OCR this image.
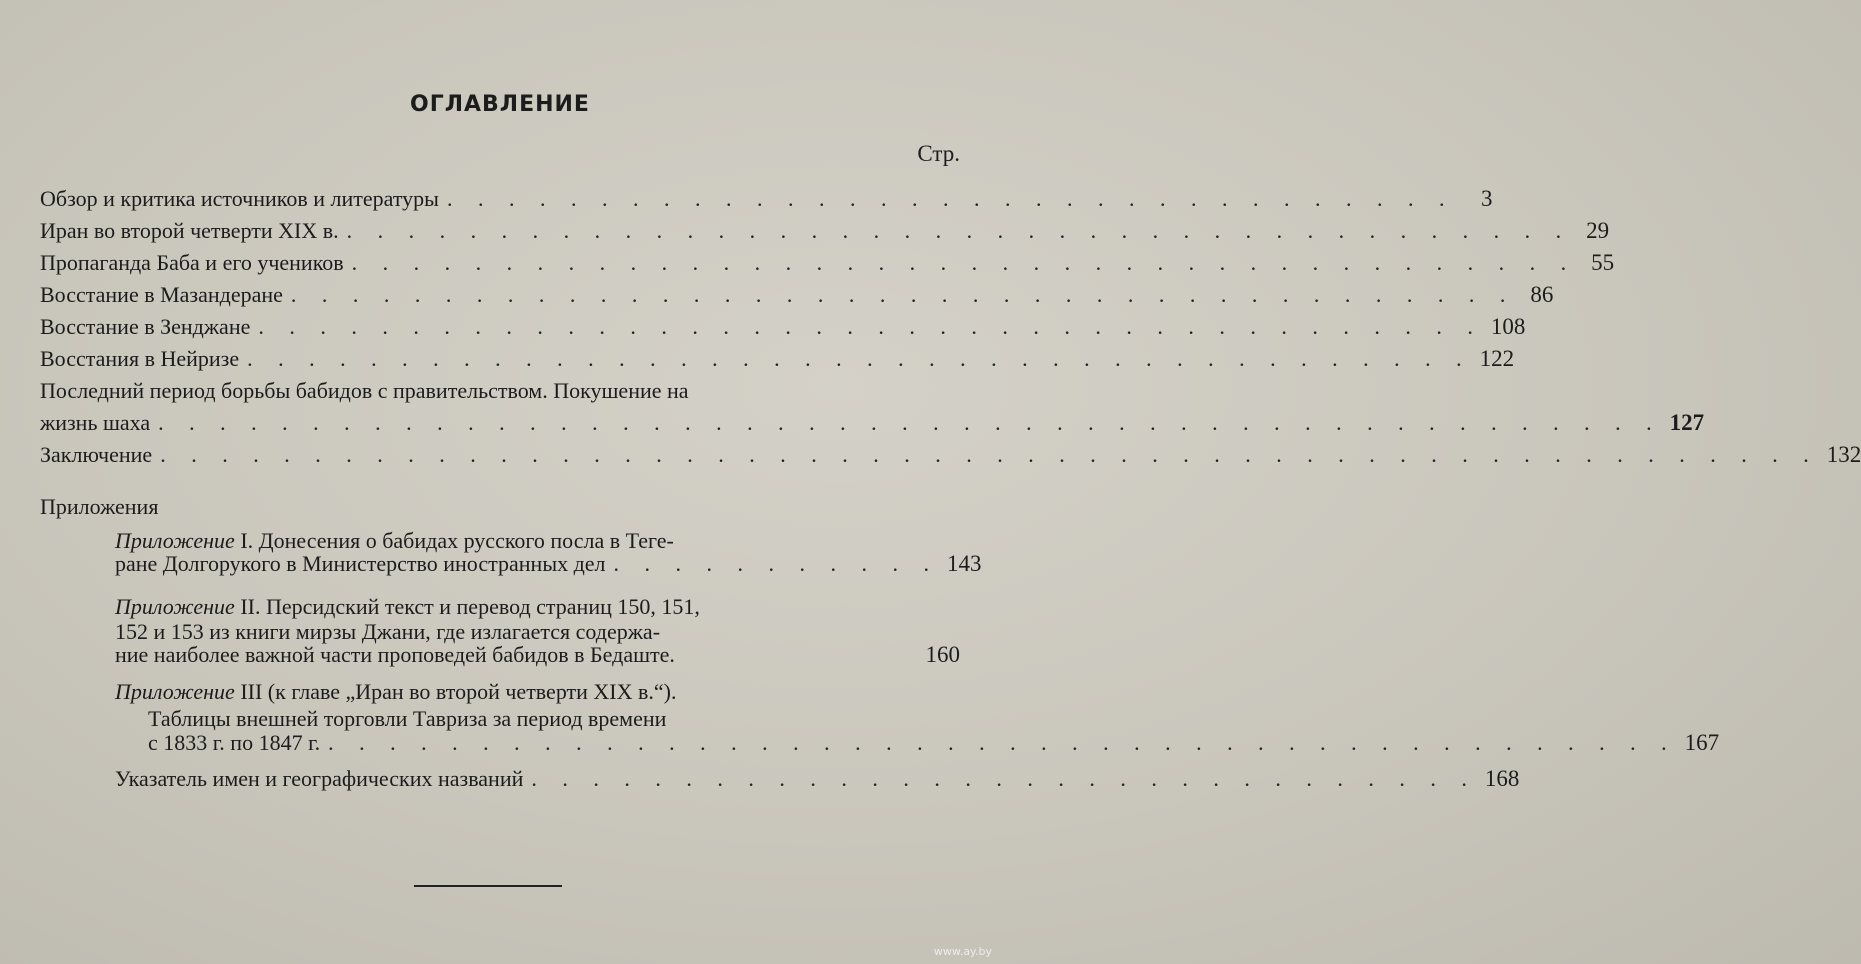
ОГЛАВЛЕНИЕ
Стр.
Обзор и критика источников и литературы . . . . . . . . . . . . . . . . . . . . . . . . . . . . . . . . .	3
Иран во второй четверти XIX в. . . . . . . . . . . . . . . . . . . . . . . . . . . . . . . . . . . . . . . . . 29
Пропаганда Баба и его учеников . . . . . . . . . . . . . . . . . . . . . . . . . . . . . . . . . . . . . . . . 55
Восстание в Мазандеране . . . . . . . . . . . . . . . . . . . . . . . . . . . . . . . . . . . . . . . . 86
Восстание в Зенджане . . . . . . . . . . . . . . . . . . . . . . . . . . . . . . . . . . . . . . . . 108
Восстания в Нейризе . . . . . . . . . . . . . . . . . . . . . . . . . . . . . . . . . . . . . . . . 122
Последний период борьбы бабидов с правительством. Покушение на
жизнь шаха . . . . . . . . . . . . . . . . . . . . . . . . . . . . . . . . . . . . . . . . . . . . . . . . . 127
Заключение . . . . . . . . . . . . . . . . . . . . . . . . . . . . . . . . . . . . . . . . . . . . . . . . . . . . . . 132
Приложения
Приложение I. Донесения о бабидах русского посла в Теге-
ране Долгорукого в Министерство иностранных дел . . . . . . . . . . . 143
Приложение II. Персидский текст и перевод страниц 150, 151,
152 и 153 из книги мирзы Джани, где излагается содержа-
ние наиболее важной части проповедей бабидов в Бедаште.	160
Приложение III (к главе „Иран во второй четверти XIX в.“).
Таблицы внешней торговли Тавриза за период времени
с 1833 г. по 1847 г. . . . . . . . . . . . . . . . . . . . . . . . . . . . . . . . . . . . . . . . . . . . . 167
Указатель имен и географических названий . . . . . . . . . . . . . . . . . . . . . . . . . . . . . . . 168
www.ay.by
